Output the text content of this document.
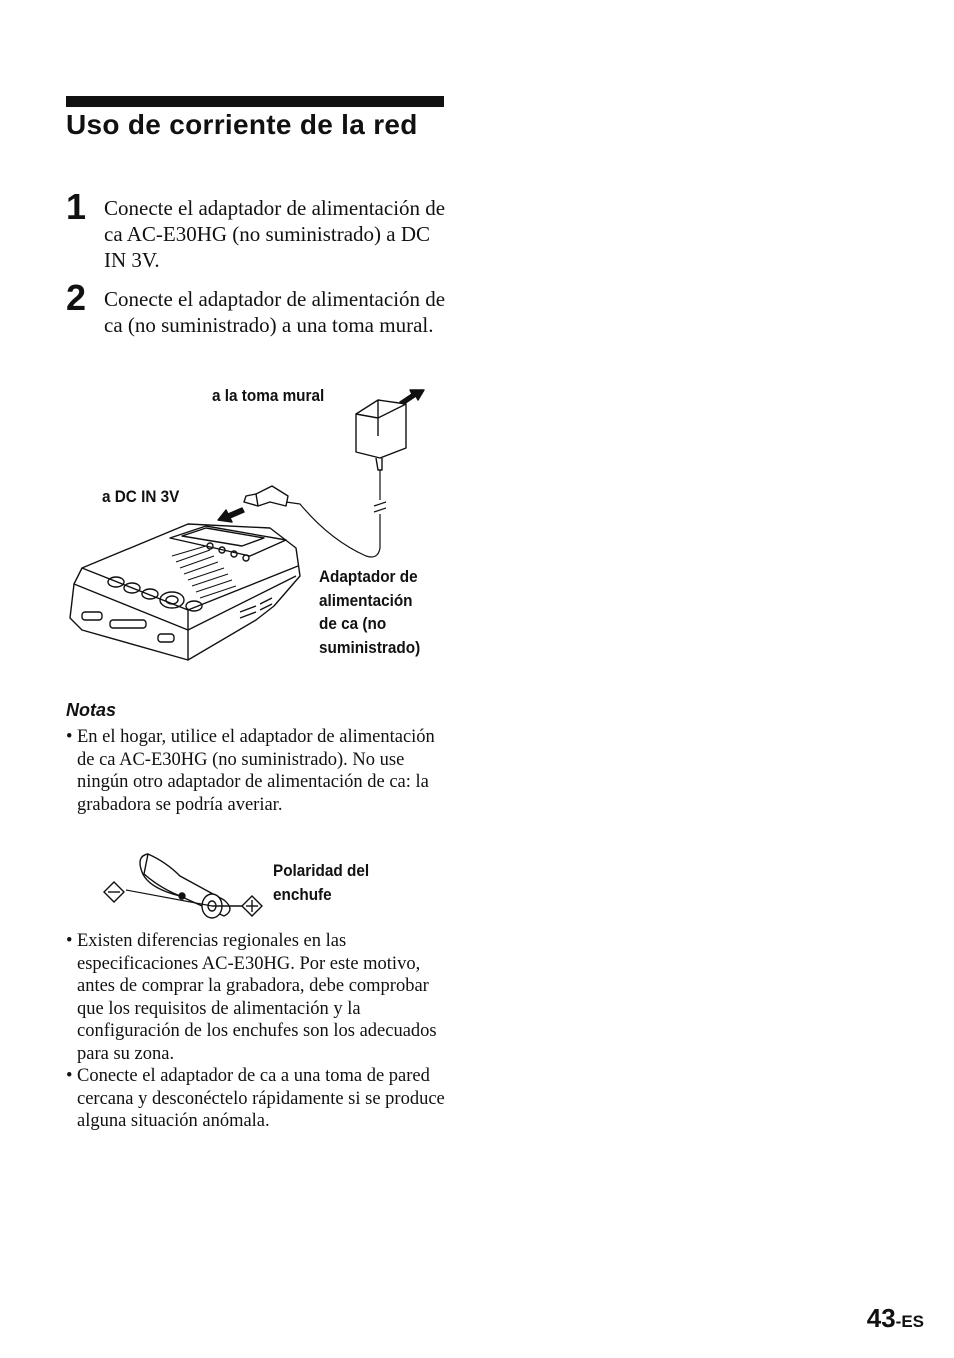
Uso de corriente de la red
1 Conecte el adaptador de alimentación de ca AC-E30HG (no suministrado) a DC IN 3V.
2 Conecte el adaptador de alimentación de ca (no suministrado) a una toma mural.
a la toma mural
a DC IN 3V
Adaptador de
alimentación
de ca (no
suministrado)
Notas
• En el hogar, utilice el adaptador de alimentación de ca AC-E30HG (no suministrado). No use ningún otro adaptador de alimentación de ca: la grabadora se podría averiar.
Polaridad del
enchufe
• Existen diferencias regionales en las especificaciones AC-E30HG. Por este motivo, antes de comprar la grabadora, debe comprobar que los requisitos de alimentación y la configuración de los enchufes son los adecuados para su zona.
• Conecte el adaptador de ca a una toma de pared cercana y desconéctelo rápidamente si se produce alguna situación anómala.
43-ES
